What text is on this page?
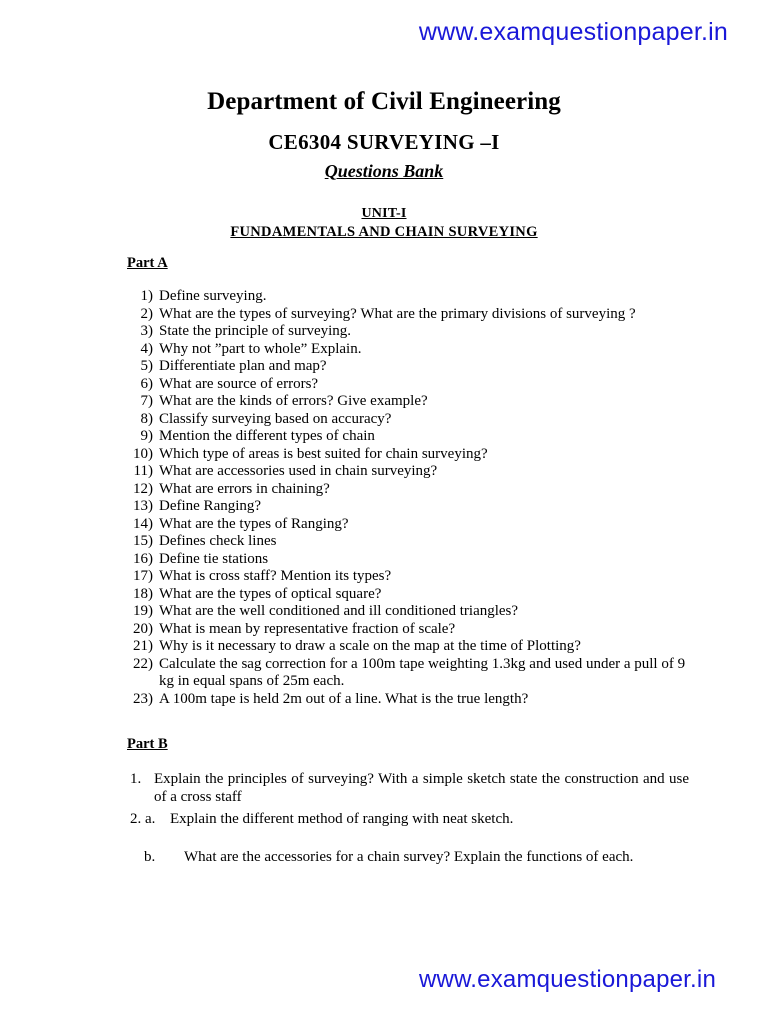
www.examquestionpaper.in
Department of Civil Engineering
CE6304 SURVEYING –I
Questions Bank
UNIT-I
FUNDAMENTALS AND CHAIN SURVEYING
Part A
1) Define surveying.
2) What are the types of surveying? What are the primary divisions of surveying ?
3) State the principle of surveying.
4) Why not ”part to whole” Explain.
5) Differentiate plan and map?
6) What are source of errors?
7) What are the kinds of errors? Give example?
8) Classify surveying based on accuracy?
9) Mention the different types of chain
10) Which type of areas is best suited for chain surveying?
11) What are accessories used in chain surveying?
12) What are errors in chaining?
13) Define Ranging?
14) What are the types of Ranging?
15) Defines check lines
16) Define tie stations
17) What is cross staff? Mention its types?
18) What are the types of optical square?
19) What are the well conditioned and ill conditioned triangles?
20) What is mean by representative fraction of scale?
21) Why is it necessary to draw a scale on the map at the time of Plotting?
22) Calculate the sag correction for a 100m tape weighting 1.3kg and used under a pull of 9 kg in equal spans of 25m each.
23) A 100m tape is held 2m out of a line. What is the true length?
Part B
1. Explain the principles of surveying? With a simple sketch state the construction and use of a cross staff
2. a. Explain the different method of ranging with neat sketch.
b.	What are the accessories for a chain survey? Explain the functions of each.
www.examquestionpaper.in
